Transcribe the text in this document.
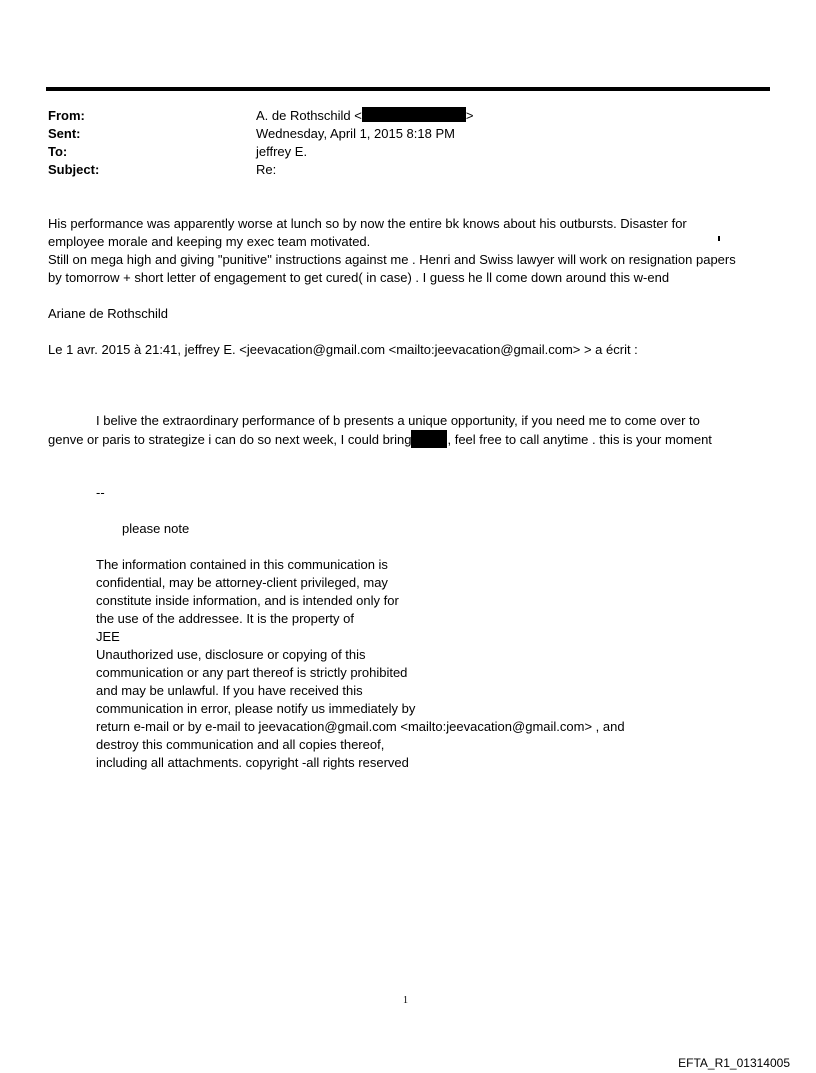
From:	A. de Rothschild <	>
Sent:	Wednesday, April 1, 2015 8:18 PM
To:	jeffrey E.
Subject:	Re:
His performance was apparently worse at lunch so by now the entire bk knows about his outbursts. Disaster for
employee morale and keeping my exec team motivated.
Still on mega high and giving "punitive" instructions against me . Henri and Swiss lawyer will work on resignation papers
by tomorrow + short letter of engagement to get cured( in case) . I guess he ll come down around this w-end
Ariane de Rothschild
Le 1 avr. 2015 à 21:41, jeffrey E. <jeevacation@gmail.com <mailto:jeevacation@gmail.com> > a écrit :
I belive the extraordinary performance of b presents a unique opportunity, if you need me to come over to
genve or paris to strategize i can do so next week, I could bring	, feel free to call anytime . this is your moment
--
please note
The information contained in this communication is
confidential, may be attorney-client privileged, may
constitute inside information, and is intended only for
the use of the addressee. It is the property of
JEE
Unauthorized use, disclosure or copying of this
communication or any part thereof is strictly prohibited
and may be unlawful. If you have received this
communication in error, please notify us immediately by
return e-mail or by e-mail to jeevacation@gmail.com <mailto:jeevacation@gmail.com> , and
destroy this communication and all copies thereof,
including all attachments. copyright -all rights reserved
1
EFTA_R1_01314005
